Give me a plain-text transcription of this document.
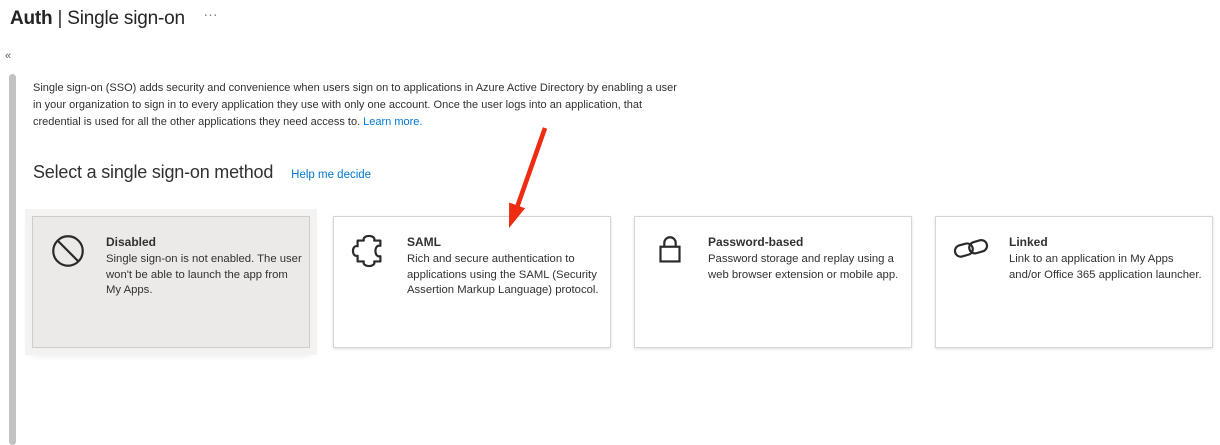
Auth | Single sign-on …
«
Single sign-on (SSO) adds security and convenience when users sign on to applications in Azure Active Directory by enabling a user
in your organization to sign in to every application they use with only one account. Once the user logs into an application, that
credential is used for all the other applications they need access to. Learn more.
Select a single sign-on method Help me decide
Disabled
Single sign-on is not enabled. The user
won't be able to launch the app from
My Apps.
SAML
Rich and secure authentication to
applications using the SAML (Security
Assertion Markup Language) protocol.
Password-based
Password storage and replay using a
web browser extension or mobile app.
Linked
Link to an application in My Apps
and/or Office 365 application launcher.
